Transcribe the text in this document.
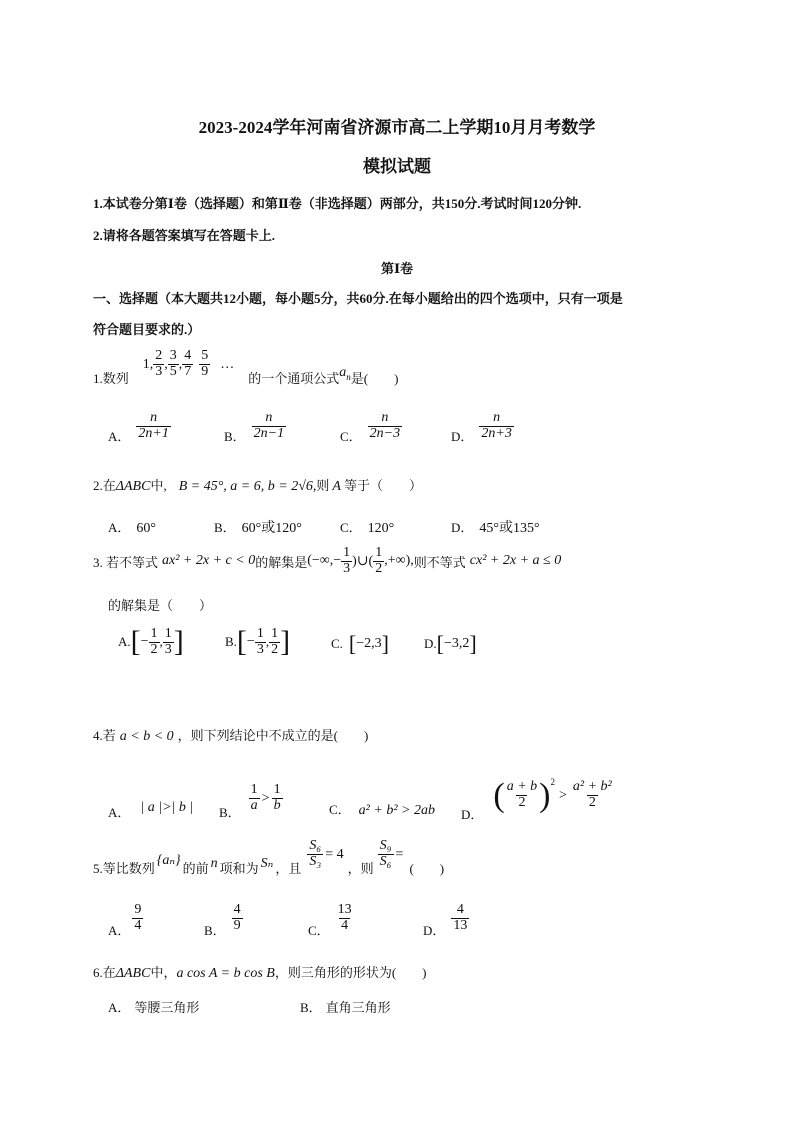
2023-2024学年河南省济源市高二上学期10月月考数学
模拟试题
1.本试卷分第Ⅰ卷（选择题）和第Ⅱ卷（非选择题）两部分，共150分.考试时间120分钟.
2.请将各题答案填写在答题卡上.
第Ⅰ卷
一、选择题（本大题共12小题，每小题5分，共60分.在每小题给出的四个选项中，只有一项是
符合题目要求的.）
1.数列
1, $\frac{2}{3}$ , $\frac{3}{5}$ , $\frac{4}{7} \frac{5}{9}$ …
的一个通项公式 $a_n$ 是(　　)
A． $\frac{n}{2n+1}$	B． $\frac{n}{2n-1}$	C． $\frac{n}{2n-3}$	D． $\frac{n}{2n+3}$
2.在 ΔABC 中, B = 45°, a = 6, b = 2√6, 则 A 等于（　　）
A． 60°	B． 60°或120°	C． 120°	D． 45°或135°
3. 若不等式 ax² + 2x + c < 0 的解集是 (−∞,− $\frac{1}{3}$ )∪( $\frac{1}{2}$ ,+∞), 则不等式 cx² + 2x + a ≤ 0
的解集是（　　）
A. [ − $\frac{1}{2}$ , $\frac{1}{3}$ ]	B. [ − $\frac{1}{3}$ , $\frac{1}{2}$ ]	C. [ −2,3 ]	D. [ −3,2 ]
4.若 a < b < 0 ，则下列结论中不成立的是(　　)
A． | a |>| b | B． $\frac{1}{a} > \frac{1}{b}$	C． a² + b² > 2ab D．
( $\frac{a + b}{2}$ ) 2
> $\frac{\text{a² + b²}}{2}$
5.等比数列
{aₙ}
的前 n 项和为 Sₙ ，且 $\frac{\text{S₆}}{\text{S₃}} = 4$
，则 $\frac{\text{S₉}}{\text{S₆}}$ =
(　　)
A． $\frac{9}{4}$	B． $\frac{4}{9}$	C． $\frac{13}{4}$	D． $\frac{4}{13}$
6.在 ΔABC 中， a cos A = b cos B ，则三角形的形状为(　　)
A． 等腰三角形	B． 直角三角形
